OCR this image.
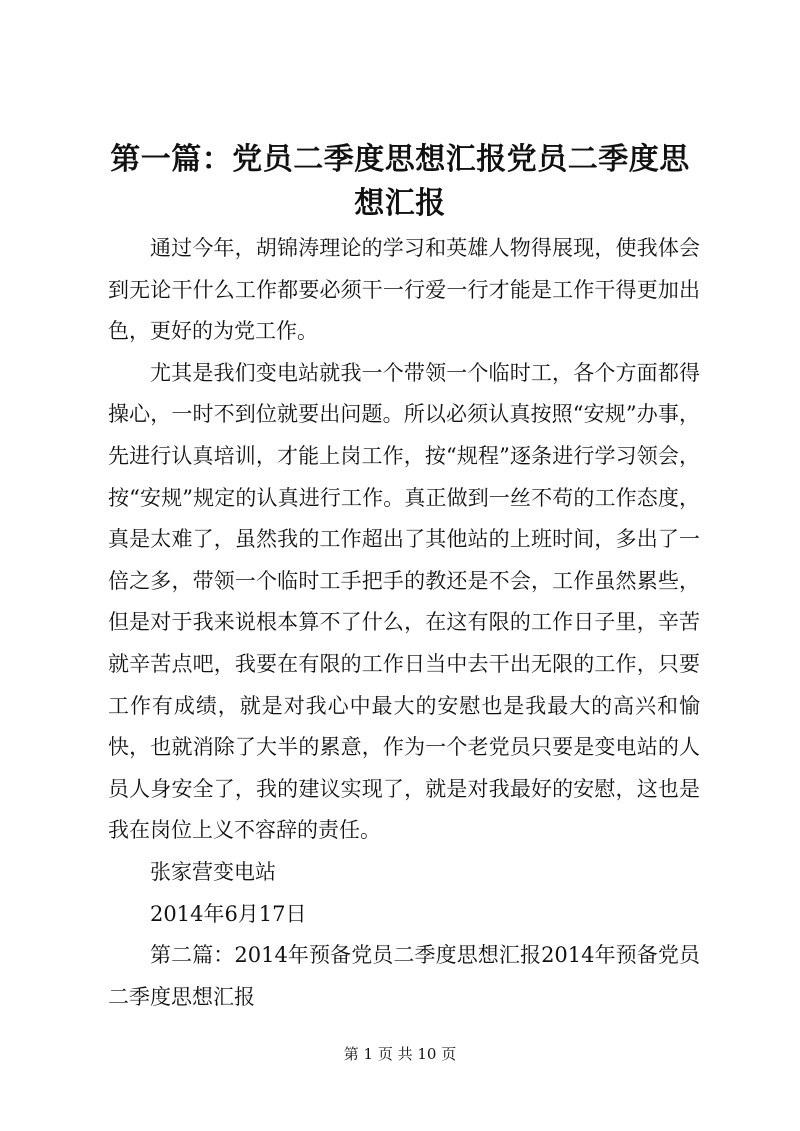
第一篇：党员二季度思想汇报党员二季度思想汇报

通过今年，胡锦涛理论的学习和英雄人物得展现，使我体会到无论干什么工作都要必须干一行爱一行才能是工作干得更加出色，更好的为党工作。

尤其是我们变电站就我一个带领一个临时工，各个方面都得操心，一时不到位就要出问题。所以必须认真按照“安规”办事，先进行认真培训，才能上岗工作，按“规程”逐条进行学习领会，按“安规”规定的认真进行工作。真正做到一丝不苟的工作态度，真是太难了，虽然我的工作超出了其他站的上班时间，多出了一倍之多，带领一个临时工手把手的教还是不会，工作虽然累些，但是对于我来说根本算不了什么，在这有限的工作日子里，辛苦就辛苦点吧，我要在有限的工作日当中去干出无限的工作，只要工作有成绩，就是对我心中最大的安慰也是我最大的高兴和愉快，也就消除了大半的累意，作为一个老党员只要是变电站的人员人身安全了，我的建议实现了，就是对我最好的安慰，这也是我在岗位上义不容辞的责任。

张家营变电站

2014年6月17日

第二篇：2014年预备党员二季度思想汇报2014年预备党员二季度思想汇报

第 1 页 共 10 页
